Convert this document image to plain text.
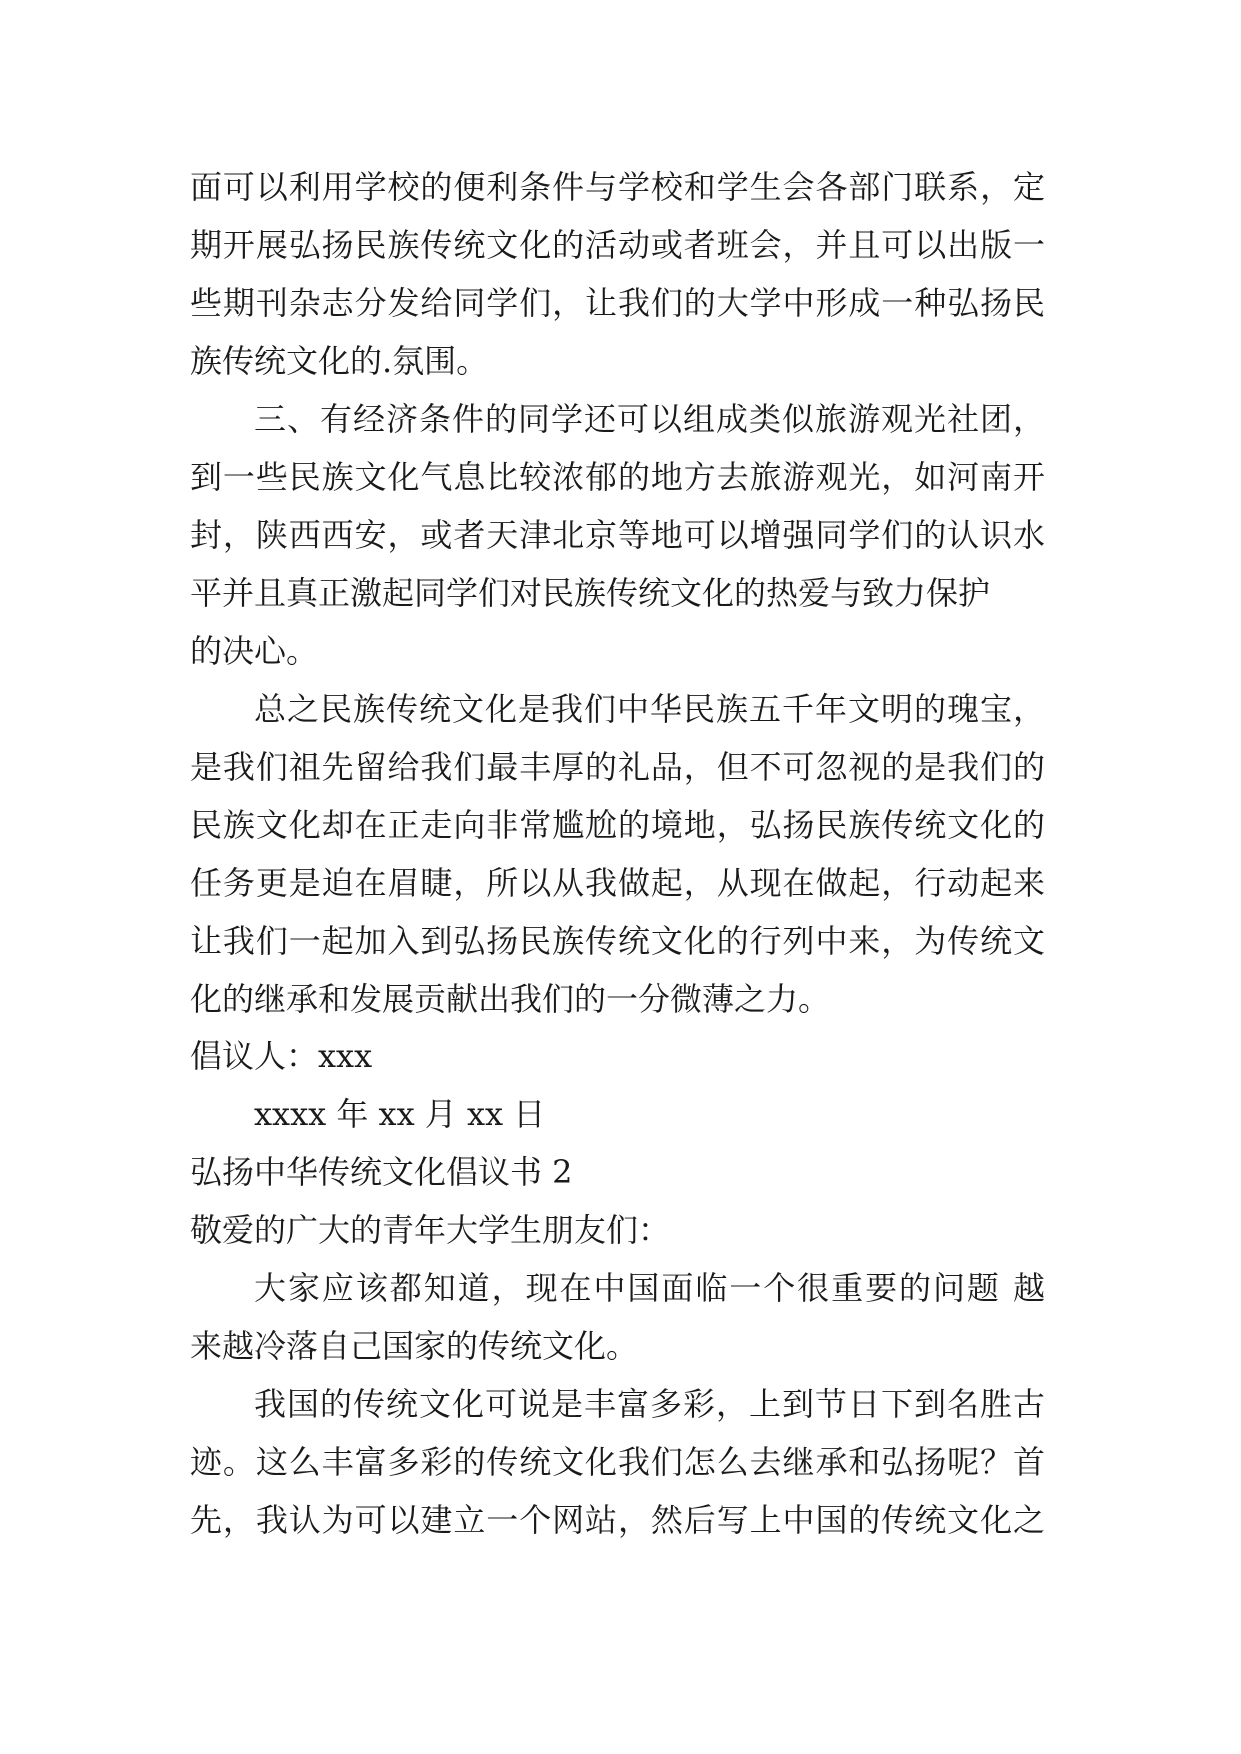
面可以利用学校的便利条件与学校和学生会各部门联系，定
期开展弘扬民族传统文化的活动或者班会，并且可以出版一
些期刊杂志分发给同学们，让我们的大学中形成一种弘扬民
族传统文化的.氛围。
三、有经济条件的同学还可以组成类似旅游观光社团，
到一些民族文化气息比较浓郁的地方去旅游观光，如河南开
封，陕西西安，或者天津北京等地可以增强同学们的认识水
平并且真正激起同学们对民族传统文化的热爱与致力保护
的决心。
总之民族传统文化是我们中华民族五千年文明的瑰宝，
是我们祖先留给我们最丰厚的礼品，但不可忽视的是我们的
民族文化却在正走向非常尴尬的境地，弘扬民族传统文化的
任务更是迫在眉睫，所以从我做起，从现在做起，行动起来
让我们一起加入到弘扬民族传统文化的行列中来，为传统文
化的继承和发展贡献出我们的一分微薄之力。
倡议人：xxx
xxxx 年 xx 月 xx 日
弘扬中华传统文化倡议书 2
敬爱的广大的青年大学生朋友们：
大家应该都知道，现在中国面临一个很重要的问题 越
来越冷落自己国家的传统文化。
我国的传统文化可说是丰富多彩，上到节日下到名胜古
迹。这么丰富多彩的传统文化我们怎么去继承和弘扬呢？首
先，我认为可以建立一个网站，然后写上中国的传统文化之
